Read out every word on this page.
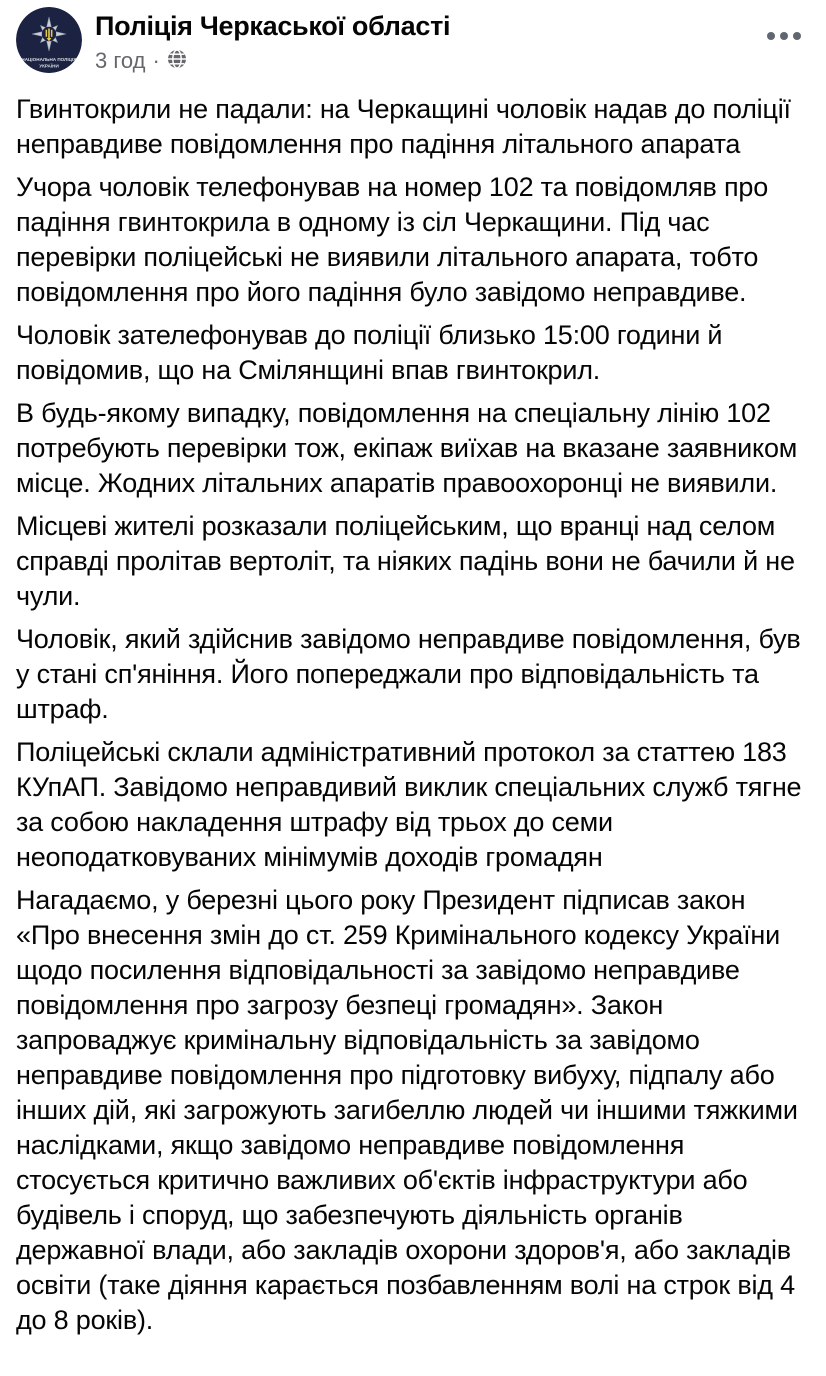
НАЦІОНАЛЬНА ПОЛІЦІЯ
УКРАЇНИ
Поліція Черкаської області
3 год ·

Гвинтокрили не падали: на Черкащині чоловік надав до поліції неправдиве повідомлення про падіння літального апарата

Учора чоловік телефонував на номер 102 та повідомляв про падіння гвинтокрила в одному із сіл Черкащини. Під час перевірки поліцейські не виявили літального апарата, тобто повідомлення про його падіння було завідомо неправдиве.

Чоловік зателефонував до поліції близько 15:00 години й повідомив, що на Смілянщині впав гвинтокрил.

В будь-якому випадку, повідомлення на спеціальну лінію 102 потребують перевірки тож, екіпаж виїхав на вказане заявником місце. Жодних літальних апаратів правоохоронці не виявили.

Місцеві жителі розказали поліцейським, що вранці над селом справді пролітав вертоліт, та ніяких падінь вони не бачили й не чули.

Чоловік, який здійснив завідомо неправдиве повідомлення, був у стані сп'яніння. Його попереджали про відповідальність та штраф.

Поліцейські склали адміністративний протокол за статтею 183 КУпАП. Завідомо неправдивий виклик спеціальних служб тягне за собою накладення штрафу від трьох до семи неоподатковуваних мінімумів доходів громадян

Нагадаємо, у березні цього року Президент підписав закон «Про внесення змін до ст. 259 Кримінального кодексу України щодо посилення відповідальності за завідомо неправдиве повідомлення про загрозу безпеці громадян». Закон запроваджує кримінальну відповідальність за завідомо неправдиве повідомлення про підготовку вибуху, підпалу або інших дій, які загрожують загибеллю людей чи іншими тяжкими наслідками, якщо завідомо неправдиве повідомлення стосується критично важливих об'єктів інфраструктури або будівель і споруд, що забезпечують діяльність органів державної влади, або закладів охорони здоров'я, або закладів освіти (таке діяння карається позбавленням волі на строк від 4 до 8 років).
